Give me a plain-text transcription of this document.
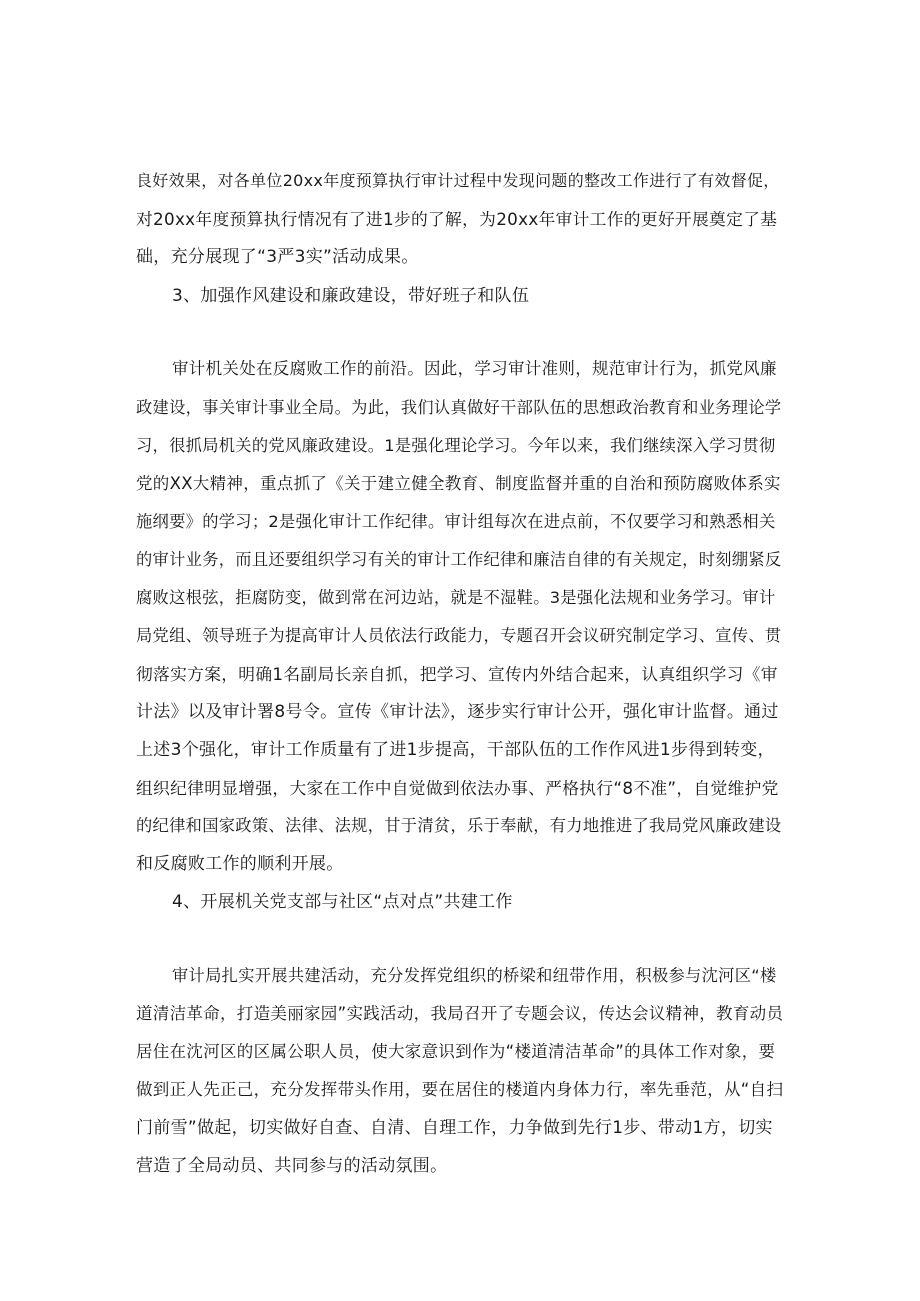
良好效果，对各单位20xx年度预算执行审计过程中发现问题的整改工作进行了有效督促，
对20xx年度预算执行情况有了进1步的了解，为20xx年审计工作的更好开展奠定了基
础，充分展现了“3严3实”活动成果。
3、加强作风建设和廉政建设，带好班子和队伍
审计机关处在反腐败工作的前沿。因此，学习审计准则，规范审计行为，抓党风廉
政建设，事关审计事业全局。为此，我们认真做好干部队伍的思想政治教育和业务理论学
习，很抓局机关的党风廉政建设。1是强化理论学习。今年以来，我们继续深入学习贯彻
党的XX大精神，重点抓了《关于建立健全教育、制度监督并重的自治和预防腐败体系实
施纲要》的学习；2是强化审计工作纪律。审计组每次在进点前，不仅要学习和熟悉相关
的审计业务，而且还要组织学习有关的审计工作纪律和廉洁自律的有关规定，时刻绷紧反
腐败这根弦，拒腐防变，做到常在河边站，就是不湿鞋。3是强化法规和业务学习。审计
局党组、领导班子为提高审计人员依法行政能力，专题召开会议研究制定学习、宣传、贯
彻落实方案，明确1名副局长亲自抓，把学习、宣传内外结合起来，认真组织学习《审
计法》以及审计署8号令。宣传《审计法》，逐步实行审计公开，强化审计监督。通过
上述3个强化，审计工作质量有了进1步提高，干部队伍的工作作风进1步得到转变，
组织纪律明显增强，大家在工作中自觉做到依法办事、严格执行“8不准”，自觉维护党
的纪律和国家政策、法律、法规，甘于清贫，乐于奉献，有力地推进了我局党风廉政建设
和反腐败工作的顺利开展。
4、开展机关党支部与社区“点对点”共建工作
审计局扎实开展共建活动，充分发挥党组织的桥梁和纽带作用，积极参与沈河区“楼
道清洁革命，打造美丽家园”实践活动，我局召开了专题会议，传达会议精神，教育动员
居住在沈河区的区属公职人员，使大家意识到作为“楼道清洁革命”的具体工作对象，要
做到正人先正己，充分发挥带头作用，要在居住的楼道内身体力行，率先垂范，从“自扫
门前雪”做起，切实做好自查、自清、自理工作，力争做到先行1步、带动1方，切实
营造了全局动员、共同参与的活动氛围。
